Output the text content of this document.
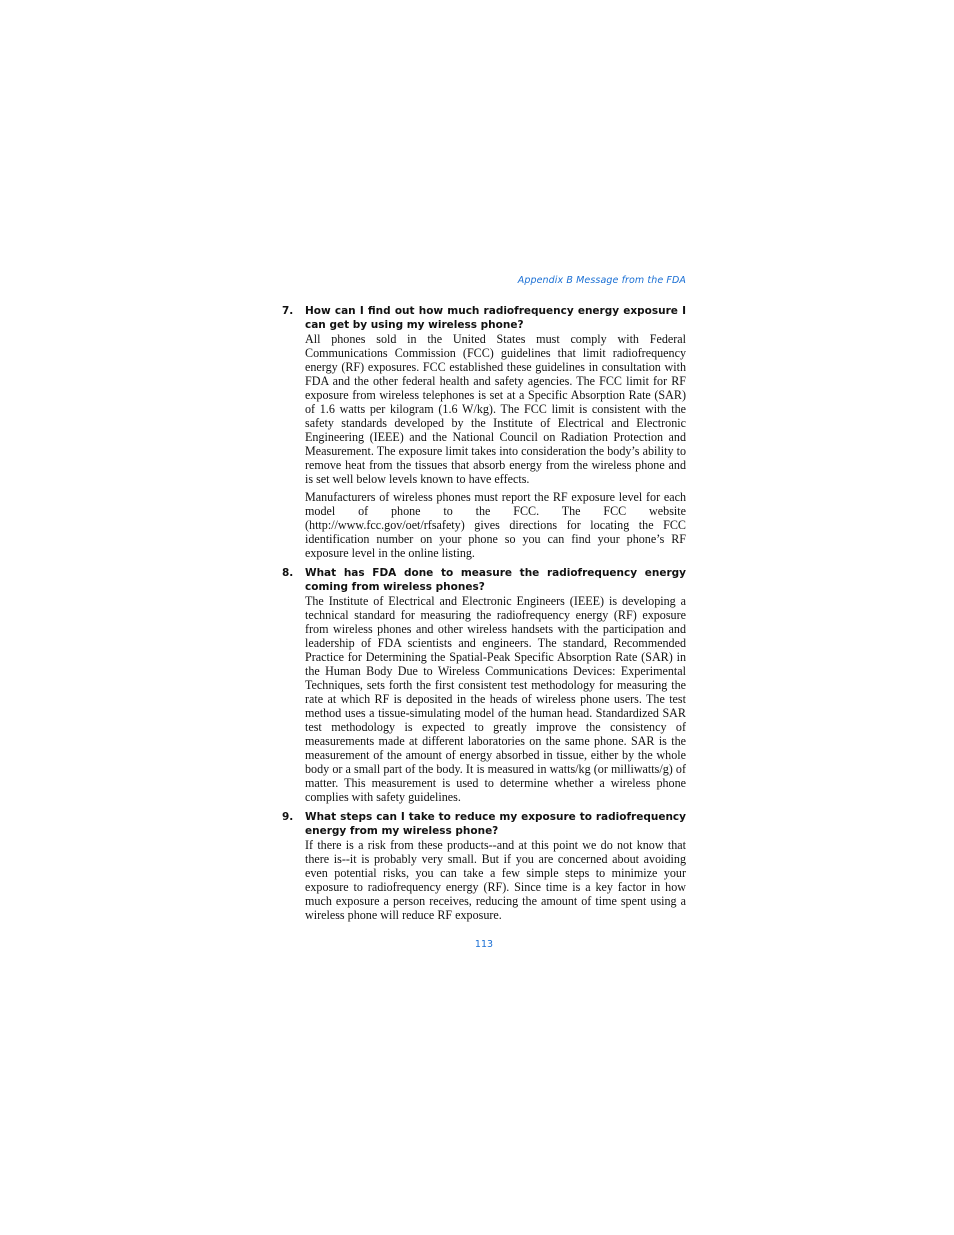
Appendix B Message from the FDA
7. How can I find out how much radiofrequency energy exposure I can get by using my wireless phone?

All phones sold in the United States must comply with Federal Communications Commission (FCC) guidelines that limit radiofrequency energy (RF) exposures. FCC established these guidelines in consultation with FDA and the other federal health and safety agencies. The FCC limit for RF exposure from wireless telephones is set at a Specific Absorption Rate (SAR) of 1.6 watts per kilogram (1.6 W/kg). The FCC limit is consistent with the safety standards developed by the Institute of Electrical and Electronic Engineering (IEEE) and the National Council on Radiation Protection and Measurement. The exposure limit takes into consideration the body’s ability to remove heat from the tissues that absorb energy from the wireless phone and is set well below levels known to have effects.

Manufacturers of wireless phones must report the RF exposure level for each model of phone to the FCC. The FCC website (http://www.fcc.gov/oet/rfsafety) gives directions for locating the FCC identification number on your phone so you can find your phone’s RF exposure level in the online listing.

8. What has FDA done to measure the radiofrequency energy coming from wireless phones?

The Institute of Electrical and Electronic Engineers (IEEE) is developing a technical standard for measuring the radiofrequency energy (RF) exposure from wireless phones and other wireless handsets with the participation and leadership of FDA scientists and engineers. The standard, Recommended Practice for Determining the Spatial-Peak Specific Absorption Rate (SAR) in the Human Body Due to Wireless Communications Devices: Experimental Techniques, sets forth the first consistent test methodology for measuring the rate at which RF is deposited in the heads of wireless phone users. The test method uses a tissue-simulating model of the human head. Standardized SAR test methodology is expected to greatly improve the consistency of measurements made at different laboratories on the same phone. SAR is the measurement of the amount of energy absorbed in tissue, either by the whole body or a small part of the body. It is measured in watts/kg (or milliwatts/g) of matter. This measurement is used to determine whether a wireless phone complies with safety guidelines.

9. What steps can I take to reduce my exposure to radiofrequency energy from my wireless phone?

If there is a risk from these products--and at this point we do not know that there is--it is probably very small. But if you are concerned about avoiding even potential risks, you can take a few simple steps to minimize your exposure to radiofrequency energy (RF). Since time is a key factor in how much exposure a person receives, reducing the amount of time spent using a wireless phone will reduce RF exposure.

113
